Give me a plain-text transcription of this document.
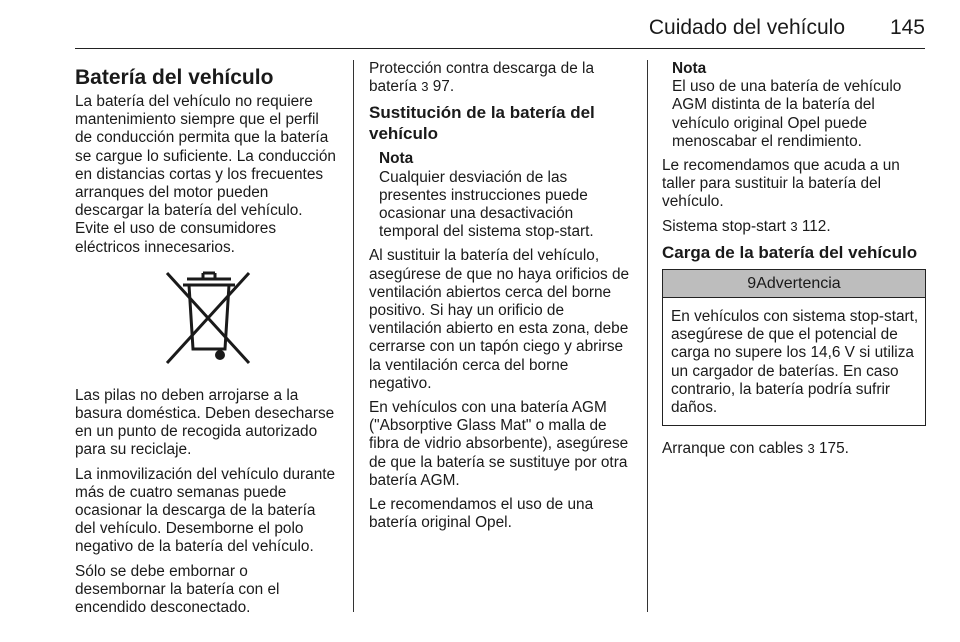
Cuidado del vehículo 145
Batería del vehículo

La batería del vehículo no requiere mantenimiento siempre que el perfil de conducción permita que la batería se cargue lo suficiente. La conducción en distancias cortas y los frecuentes arranques del motor pueden descargar la batería del vehículo. Evite el uso de consumidores eléctricos innecesarios.

Las pilas no deben arrojarse a la basura doméstica. Deben desecharse en un punto de recogida autorizado para su reciclaje.

La inmovilización del vehículo durante más de cuatro semanas puede ocasionar la descarga de la batería del vehículo. Desemborne el polo negativo de la batería del vehículo.

Sólo se debe embornar o desembornar la batería con el encendido desconectado.

Protección contra descarga de la batería 3 97.

Sustitución de la batería del vehículo
Nota
Cualquier desviación de las presentes instrucciones puede ocasionar una desactivación temporal del sistema stop-start.

Al sustituir la batería del vehículo, asegúrese de que no haya orificios de ventilación abiertos cerca del borne positivo. Si hay un orificio de ventilación abierto en esta zona, debe cerrarse con un tapón ciego y abrirse la ventilación cerca del borne negativo.

En vehículos con una batería AGM ("Absorptive Glass Mat" o malla de fibra de vidrio absorbente), asegúrese de que la batería se sustituye por otra batería AGM.

Le recomendamos el uso de una batería original Opel.

Nota
El uso de una batería de vehículo AGM distinta de la batería del vehículo original Opel puede menoscabar el rendimiento.

Le recomendamos que acuda a un taller para sustituir la batería del vehículo.

Sistema stop-start 3 112.

Carga de la batería del vehículo
9Advertencia
En vehículos con sistema stop-start, asegúrese de que el potencial de carga no supere los 14,6 V si utiliza un cargador de baterías. En caso contrario, la batería podría sufrir daños.

Arranque con cables 3 175.
